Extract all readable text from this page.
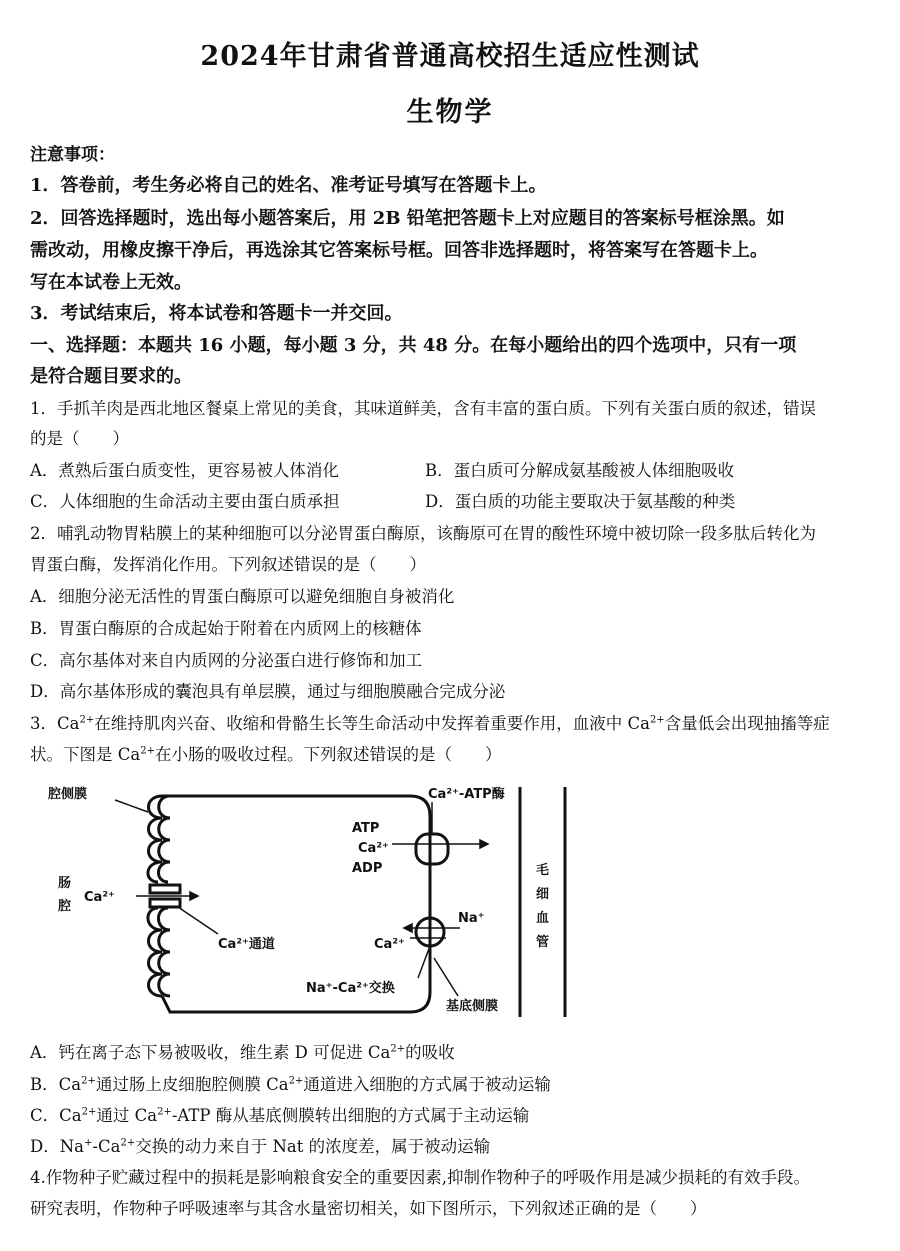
2024年甘肃省普通高校招生适应性测试
生物学
注意事项：
1．答卷前，考生务必将自己的姓名、准考证号填写在答题卡上。
2．回答选择题时，选出每小题答案后，用 2B 铅笔把答题卡上对应题目的答案标号框涂黑。如
需改动，用橡皮擦干净后，再选涂其它答案标号框。回答非选择题时，将答案写在答题卡上。
写在本试卷上无效。
3．考试结束后，将本试卷和答题卡一并交回。
一、选择题：本题共 16 小题，每小题 3 分，共 48 分。在每小题给出的四个选项中，只有一项
是符合题目要求的。
1．手抓羊肉是西北地区餐桌上常见的美食，其味道鲜美，含有丰富的蛋白质。下列有关蛋白质的叙述，错误
的是（　　）
A．煮熟后蛋白质变性，更容易被人体消化	B．蛋白质可分解成氨基酸被人体细胞吸收
C．人体细胞的生命活动主要由蛋白质承担	D．蛋白质的功能主要取决于氨基酸的种类
2．哺乳动物胃粘膜上的某种细胞可以分泌胃蛋白酶原，该酶原可在胃的酸性环境中被切除一段多肽后转化为
胃蛋白酶，发挥消化作用。下列叙述错误的是（　　）
A．细胞分泌无活性的胃蛋白酶原可以避免细胞自身被消化
B．胃蛋白酶原的合成起始于附着在内质网上的核糖体
C．高尔基体对来自内质网的分泌蛋白进行修饰和加工
D．高尔基体形成的囊泡具有单层膜，通过与细胞膜融合完成分泌
3．$Ca^{2+}$在维持肌肉兴奋、收缩和骨骼生长等生命活动中发挥着重要作用，血液中 $Ca^{2+}$含量低会出现抽搐等症
状。下图是 $Ca^{2+}$在小肠的吸收过程。下列叙述错误的是（　　）
腔侧膜
肠
腔
Ca²⁺
Ca²⁺通道
Ca²⁺-ATP酶
ATP
Ca²⁺
ADP
Na⁺
Ca²⁺
Na⁺-Ca²⁺交换
基底侧膜
毛
细
血
管
A．钙在离子态下易被吸收，维生素 D 可促进 $Ca^{2+}$的吸收
B．$Ca^{2+}$通过肠上皮细胞腔侧膜 $Ca^{2+}$通道进入细胞的方式属于被动运输
C．$Ca^{2+}$通过 $Ca^{2+}$-ATP 酶从基底侧膜转出细胞的方式属于主动运输
D．$Na^+-Ca^{2+}$交换的动力来自于 Nat 的浓度差，属于被动运输
4.作物种子贮藏过程中的损耗是影响粮食安全的重要因素,抑制作物种子的呼吸作用是减少损耗的有效手段。
研究表明，作物种子呼吸速率与其含水量密切相关，如下图所示，下列叙述正确的是（　　）
